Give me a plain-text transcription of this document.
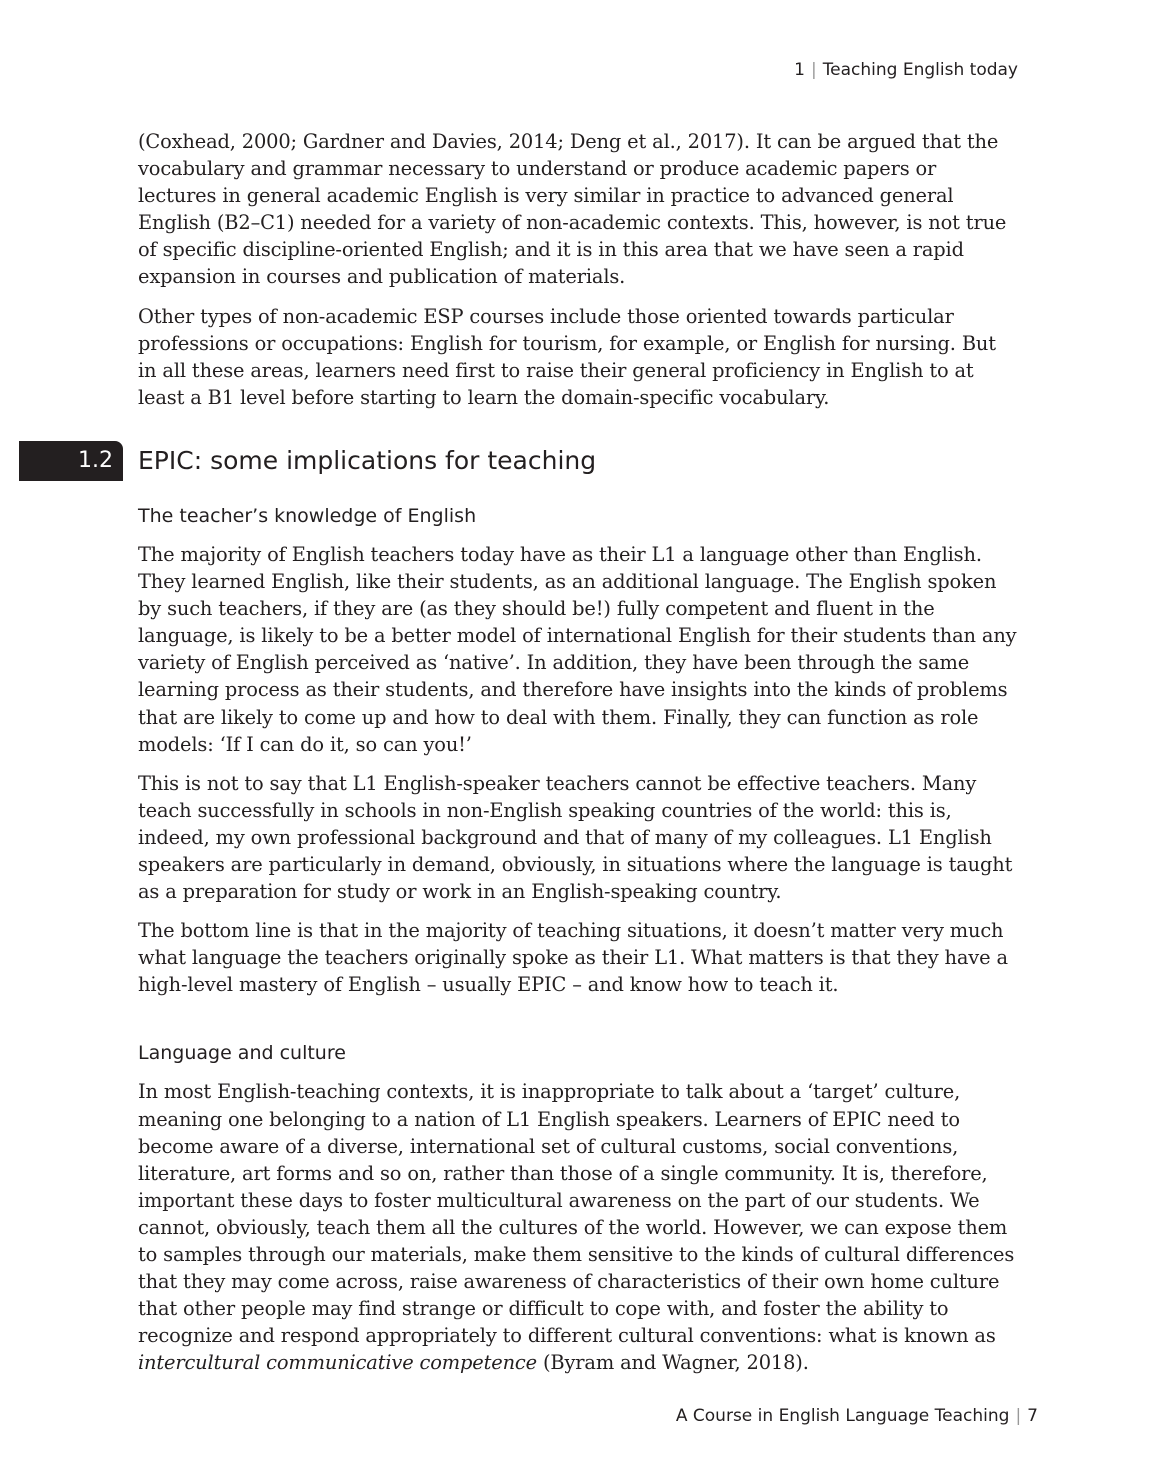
1 | Teaching English today

(Coxhead, 2000; Gardner and Davies, 2014; Deng et al., 2017). It can be argued that the vocabulary and grammar necessary to understand or produce academic papers or lectures in general academic English is very similar in practice to advanced general English (B2–C1) needed for a variety of non-academic contexts. This, however, is not true of specific discipline-oriented English; and it is in this area that we have seen a rapid expansion in courses and publication of materials.

Other types of non-academic ESP courses include those oriented towards particular professions or occupations: English for tourism, for example, or English for nursing. But in all these areas, learners need first to raise their general proficiency in English to at least a B1 level before starting to learn the domain-specific vocabulary.

1.2	EPIC: some implications for teaching
The teacher’s knowledge of English

The majority of English teachers today have as their L1 a language other than English. They learned English, like their students, as an additional language. The English spoken by such teachers, if they are (as they should be!) fully competent and fluent in the language, is likely to be a better model of international English for their students than any variety of English perceived as ‘native’. In addition, they have been through the same learning process as their students, and therefore have insights into the kinds of problems that are likely to come up and how to deal with them. Finally, they can function as role models: ‘If I can do it, so can you!’

This is not to say that L1 English-speaker teachers cannot be effective teachers. Many teach successfully in schools in non-English speaking countries of the world: this is, indeed, my own professional background and that of many of my colleagues. L1 English speakers are particularly in demand, obviously, in situations where the language is taught as a preparation for study or work in an English-speaking country.

The bottom line is that in the majority of teaching situations, it doesn’t matter very much what language the teachers originally spoke as their L1. What matters is that they have a high-level mastery of English – usually EPIC – and know how to teach it.

Language and culture

In most English-teaching contexts, it is inappropriate to talk about a ‘target’ culture, meaning one belonging to a nation of L1 English speakers. Learners of EPIC need to become aware of a diverse, international set of cultural customs, social conventions, literature, art forms and so on, rather than those of a single community. It is, therefore, important these days to foster multicultural awareness on the part of our students. We cannot, obviously, teach them all the cultures of the world. However, we can expose them to samples through our materials, make them sensitive to the kinds of cultural differences that they may come across, raise awareness of characteristics of their own home culture that other people may find strange or difficult to cope with, and foster the ability to recognize and respond appropriately to different cultural conventions: what is known as intercultural communicative competence (Byram and Wagner, 2018).

A Course in English Language Teaching | 7
